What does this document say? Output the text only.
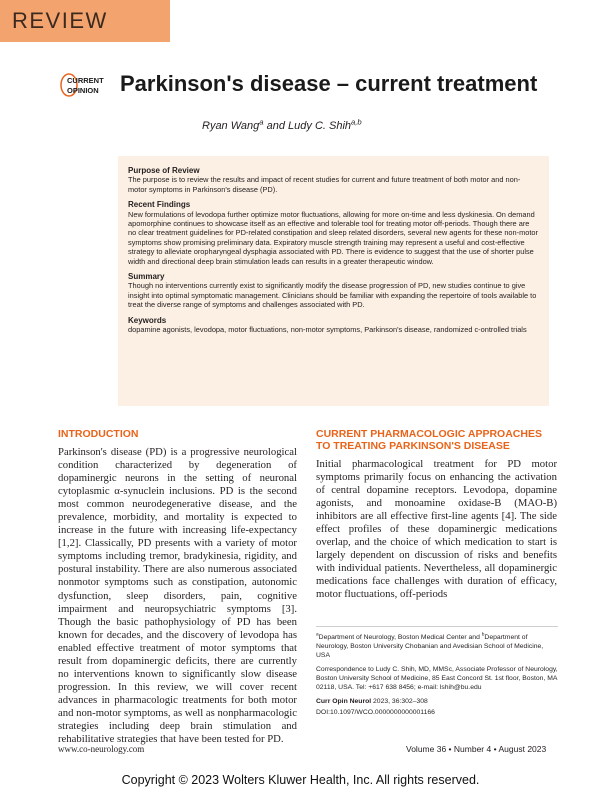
REVIEW
CURRENT
OPINION Parkinson's disease – current treatment
Ryan Wang$^a$ and Ludy C. Shih$^{a,b}$
Purpose of Review

The purpose is to review the results and impact of recent studies for current and future treatment of both motor and non-motor symptoms in Parkinson's disease (PD).

Recent Findings

New formulations of levodopa further optimize motor fluctuations, allowing for more on-time and less dyskinesia. On demand apomorphine continues to showcase itself as an effective and tolerable tool for treating motor off-periods. Though there are no clear treatment guidelines for PD-related constipation and sleep related disorders, several new agents for these non-motor symptoms show promising preliminary data. Expiratory muscle strength training may represent a useful and cost-effective strategy to alleviate oropharyngeal dysphagia associated with PD. There is evidence to suggest that the use of shorter pulse width and directional deep brain stimulation leads can results in a greater therapeutic window.

Summary

Though no interventions currently exist to significantly modify the disease progression of PD, new studies continue to give insight into optimal symptomatic management. Clinicians should be familiar with expanding the repertoire of tools available to treat the diverse range of symptoms and challenges associated with PD.

Keywords

dopamine agonists, levodopa, motor fluctuations, non-motor symptoms, Parkinson's disease, randomized c-ontrolled trials

INTRODUCTION

Parkinson's disease (PD) is a progressive neurological condition characterized by degeneration of dopaminergic neurons in the setting of neuronal cytoplasmic α-synuclein inclusions. PD is the second most common neurodegenerative disease, and the prevalence, morbidity, and mortality is expected to increase in the future with increasing life-expectancy [1,2]. Classically, PD presents with a variety of motor symptoms including tremor, bradykinesia, rigidity, and postural instability. There are also numerous associated nonmotor symptoms such as constipation, autonomic dysfunction, sleep disorders, pain, cognitive impairment and neuropsychiatric symptoms [3]. Though the basic pathophysiology of PD has been known for decades, and the discovery of levodopa has enabled effective treatment of motor symptoms that result from dopaminergic deficits, there are currently no interventions known to significantly slow disease progression. In this review, we will cover recent advances in pharmacologic treatments for both motor and non-motor symptoms, as well as nonpharmacologic strategies including deep brain stimulation and rehabilitative strategies that have been tested for PD.

CURRENT PHARMACOLOGIC APPROACHES TO TREATING PARKINSON'S DISEASE

Initial pharmacological treatment for PD motor symptoms primarily focus on enhancing the activation of central dopamine receptors. Levodopa, dopamine agonists, and monoamine oxidase-B (MAO-B) inhibitors are all effective first-line agents [4]. The side effect profiles of these dopaminergic medications overlap, and the choice of which medication to start is largely dependent on discussion of risks and benefits with individual patients. Nevertheless, all dopaminergic medications face challenges with duration of efficacy, motor fluctuations, off-periods

$^a$Department of Neurology, Boston Medical Center and $^b$Department of Neurology, Boston University Chobanian and Avedisian School of Medicine, USA

Correspondence to Ludy C. Shih, MD, MMSc, Associate Professor of Neurology, Boston University School of Medicine, 85 East Concord St. 1st floor, Boston, MA 02118, USA. Tel: +617 638 8456; e-mail: lshih@bu.edu

Curr Opin Neurol 2023, 36:302–308

DOI:10.1097/WCO.0000000000001166

www.co-neurology.com	Volume 36 • Number 4 • August 2023
Copyright © 2023 Wolters Kluwer Health, Inc. All rights reserved.
